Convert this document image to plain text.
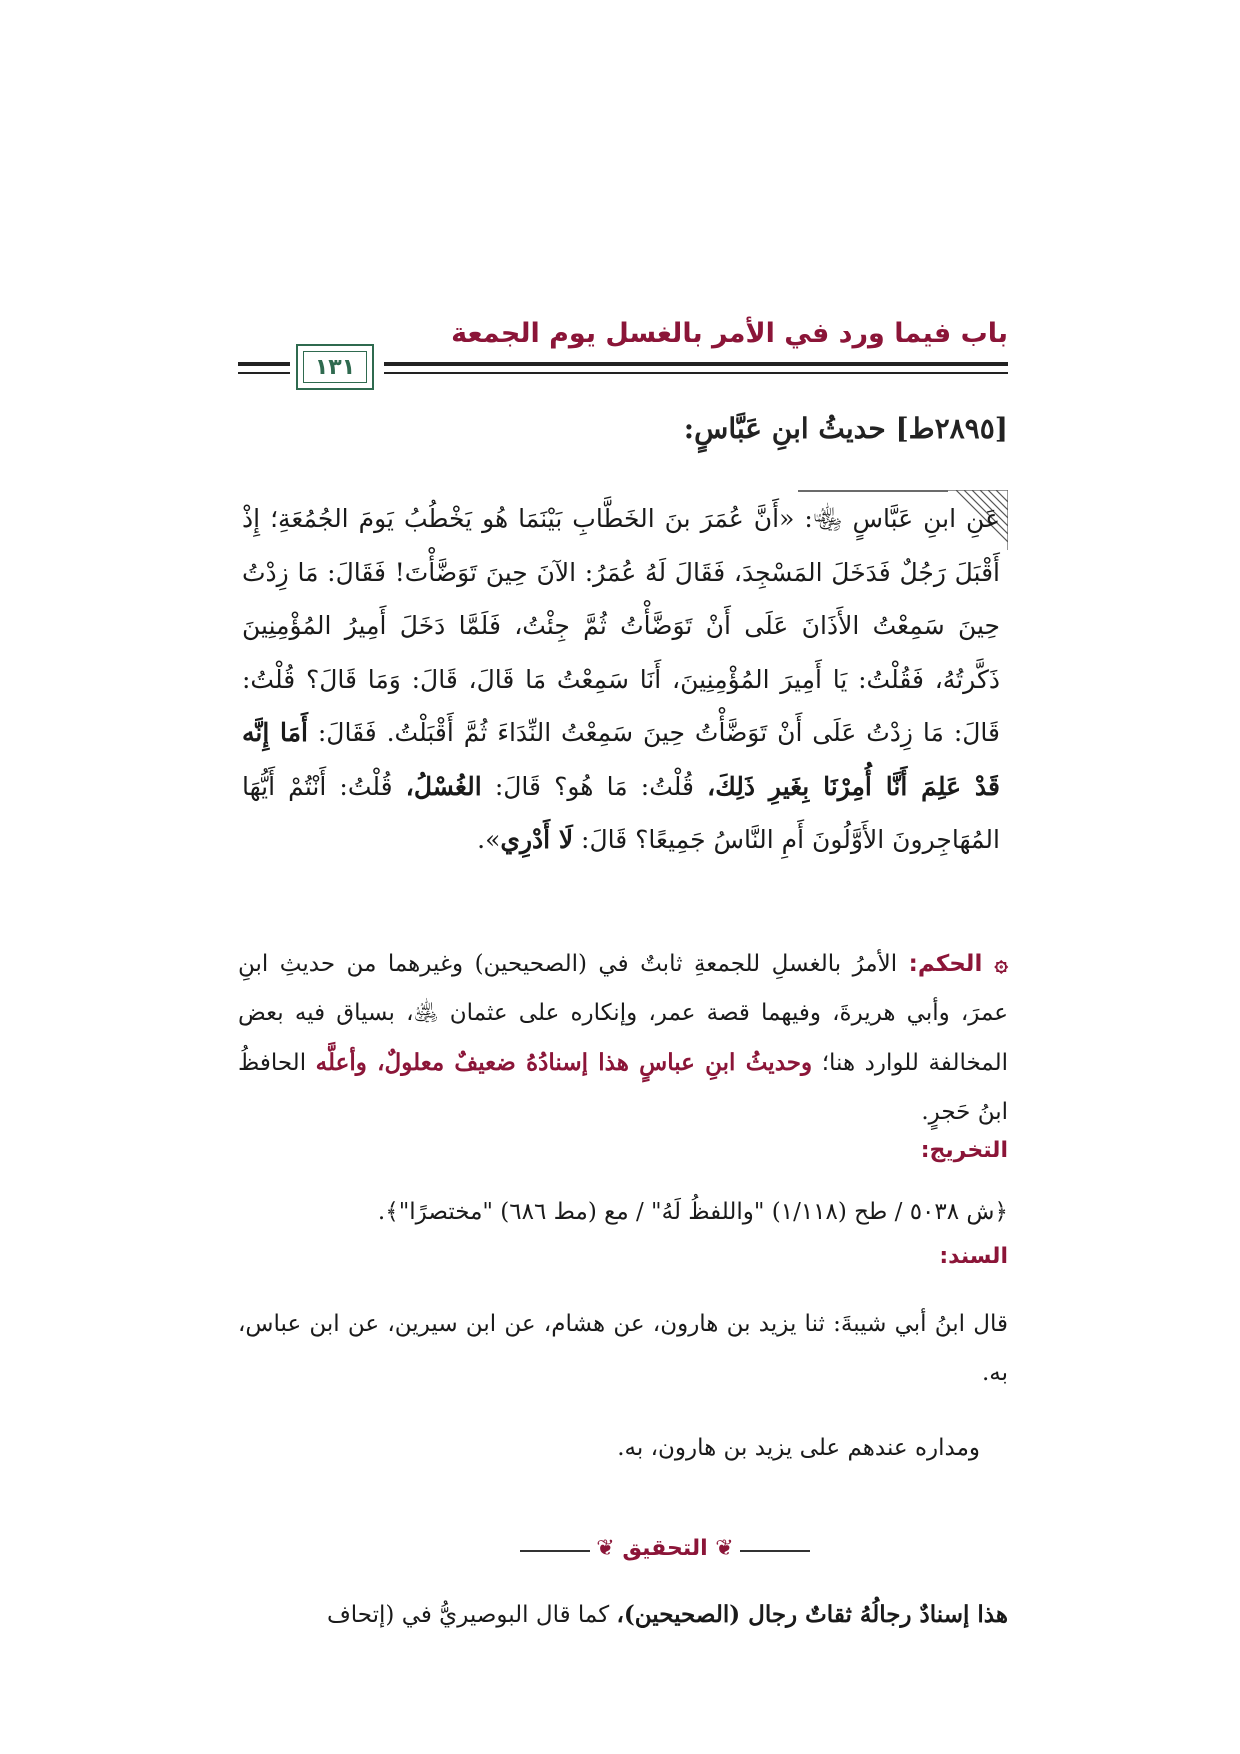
باب فيما ورد في الأمر بالغسل يوم الجمعة
١٣١
[٢٨٩٥ط] حديثُ ابنِ عَبَّاسٍ:
عَنِ ابنِ عَبَّاسٍ ﵄: «أَنَّ عُمَرَ بنَ الخَطَّابِ بَيْنَمَا هُو يَخْطُبُ يَومَ الجُمُعَةِ؛ إِذْ أَقْبَلَ رَجُلٌ فَدَخَلَ المَسْجِدَ، فَقَالَ لَهُ عُمَرُ: الآنَ حِينَ تَوَضَّأْتَ! فَقَالَ: مَا زِدْتُ حِينَ سَمِعْتُ الأَذَانَ عَلَى أَنْ تَوَضَّأْتُ ثُمَّ جِئْتُ، فَلَمَّا دَخَلَ أَمِيرُ المُؤْمِنِينَ ذَكَّرتُهُ، فَقُلْتُ: يَا أَمِيرَ المُؤْمِنِينَ، أَنَا سَمِعْتُ مَا قَالَ، قَالَ: وَمَا قَالَ؟ قُلْتُ: قَالَ: مَا زِدْتُ عَلَى أَنْ تَوَضَّأْتُ حِينَ سَمِعْتُ النِّدَاءَ ثُمَّ أَقْبَلْتُ. فَقَالَ: أَمَا إِنَّه قَدْ عَلِمَ أَنَّا أُمِرْنَا بِغَيرِ ذَلِكَ، قُلْتُ: مَا هُو؟ قَالَ: الغُسْلُ، قُلْتُ: أَنْتُمْ أَيُّهَا المُهَاجِرونَ الأَوَّلُونَ أَمِ النَّاسُ جَمِيعًا؟ قَالَ: لَا أَدْرِي».
۞ الحكم: الأمرُ بالغسلِ للجمعةِ ثابتٌ في (الصحيحين) وغيرهما من حديثِ ابنِ عمرَ، وأبي هريرةَ، وفيهما قصة عمر، وإنكاره على عثمان ﵁، بسياق فيه بعض المخالفة للوارد هنا؛ وحديثُ ابنِ عباسٍ هذا إسنادُهُ ضعيفٌ معلولٌ، وأعلَّه الحافظُ ابنُ حَجرٍ.
التخريج:
﴿ش ٥٠٣٨ / طح (١/١١٨) "واللفظُ لَهُ" / مع (مط ٦٨٦) "مختصرًا"﴾.
السند:
قال ابنُ أبي شيبةَ: ثنا يزيد بن هارون، عن هشام، عن ابن سيرين، عن ابن عباس، به.
ومداره عندهم على يزيد بن هارون، به.
❦ التحقيق ❦
هذا إسنادٌ رجالُهُ ثقاتٌ رجال (الصحيحين)، كما قال البوصيريُّ في (إتحاف
